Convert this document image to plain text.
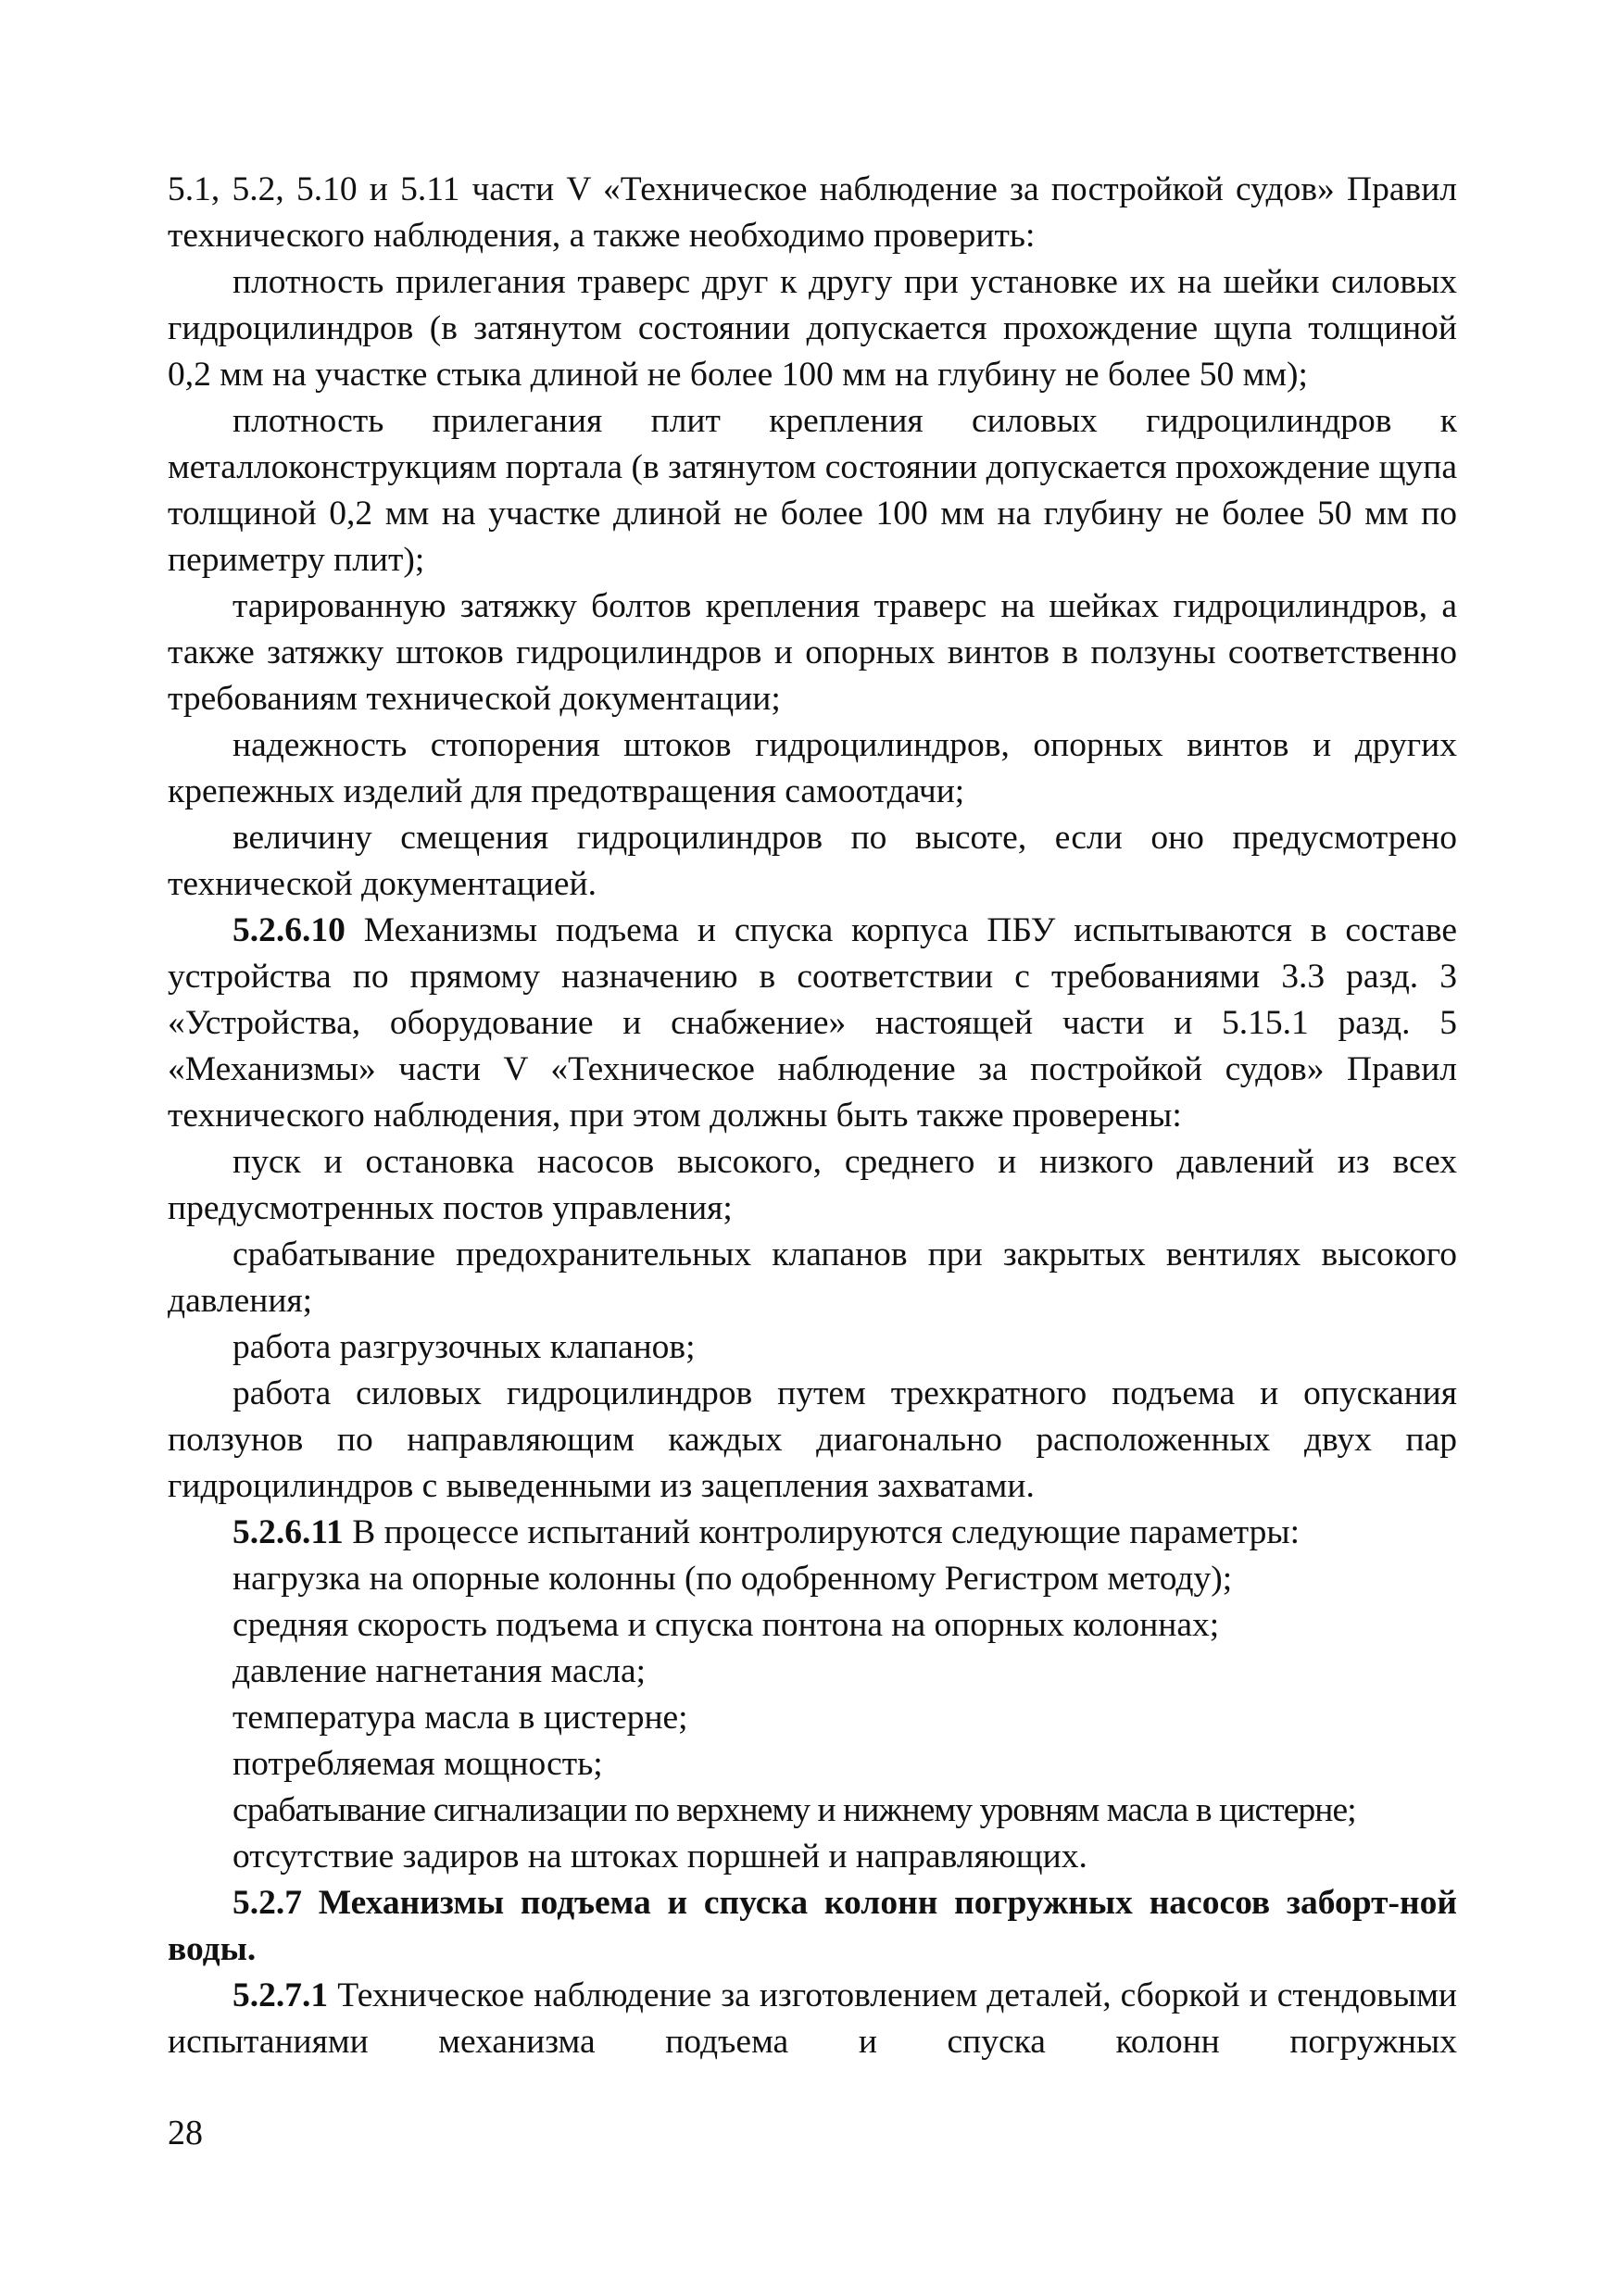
5.1, 5.2, 5.10 и 5.11 части V «Техническое наблюдение за постройкой судов» Правил технического наблюдения, а также необходимо проверить:

плотность прилегания траверс друг к другу при установке их на шейки силовых гидроцилиндров (в затянутом состоянии допускается прохождение щупа толщиной 0,2 мм на участке стыка длиной не более 100 мм на глубину не более 50 мм);

плотность прилегания плит крепления силовых гидроцилиндров к металлоконструкциям портала (в затянутом состоянии допускается прохождение щупа толщиной 0,2 мм на участке длиной не более 100 мм на глубину не более 50 мм по периметру плит);

тарированную затяжку болтов крепления траверс на шейках гидроцилиндров, а также затяжку штоков гидроцилиндров и опорных винтов в ползуны соответственно требованиям технической документации;

надежность стопорения штоков гидроцилиндров, опорных винтов и других крепежных изделий для предотвращения самоотдачи;

величину смещения гидроцилиндров по высоте, если оно предусмотрено технической документацией.

5.2.6.10 Механизмы подъема и спуска корпуса ПБУ испытываются в составе устройства по прямому назначению в соответствии с требованиями 3.3 разд. 3 «Устройства, оборудование и снабжение» настоящей части и 5.15.1 разд. 5 «Механизмы» части V «Техническое наблюдение за постройкой судов» Правил технического наблюдения, при этом должны быть также проверены:

пуск и остановка насосов высокого, среднего и низкого давлений из всех предусмотренных постов управления;

срабатывание предохранительных клапанов при закрытых вентилях высокого давления;

работа разгрузочных клапанов;

работа силовых гидроцилиндров путем трехкратного подъема и опускания ползунов по направляющим каждых диагонально расположенных двух пар гидроцилиндров с выведенными из зацепления захватами.

5.2.6.11 В процессе испытаний контролируются следующие параметры:

нагрузка на опорные колонны (по одобренному Регистром методу);

средняя скорость подъема и спуска понтона на опорных колоннах;

давление нагнетания масла;

температура масла в цистерне;

потребляемая мощность;

срабатывание сигнализации по верхнему и нижнему уровням масла в цистерне;

отсутствие задиров на штоках поршней и направляющих.

5.2.7 Механизмы подъема и спуска колонн погружных насосов заборт-ной воды.

5.2.7.1 Техническое наблюдение за изготовлением деталей, сборкой и стендовыми испытаниями механизма подъема и спуска колонн погружных

28
